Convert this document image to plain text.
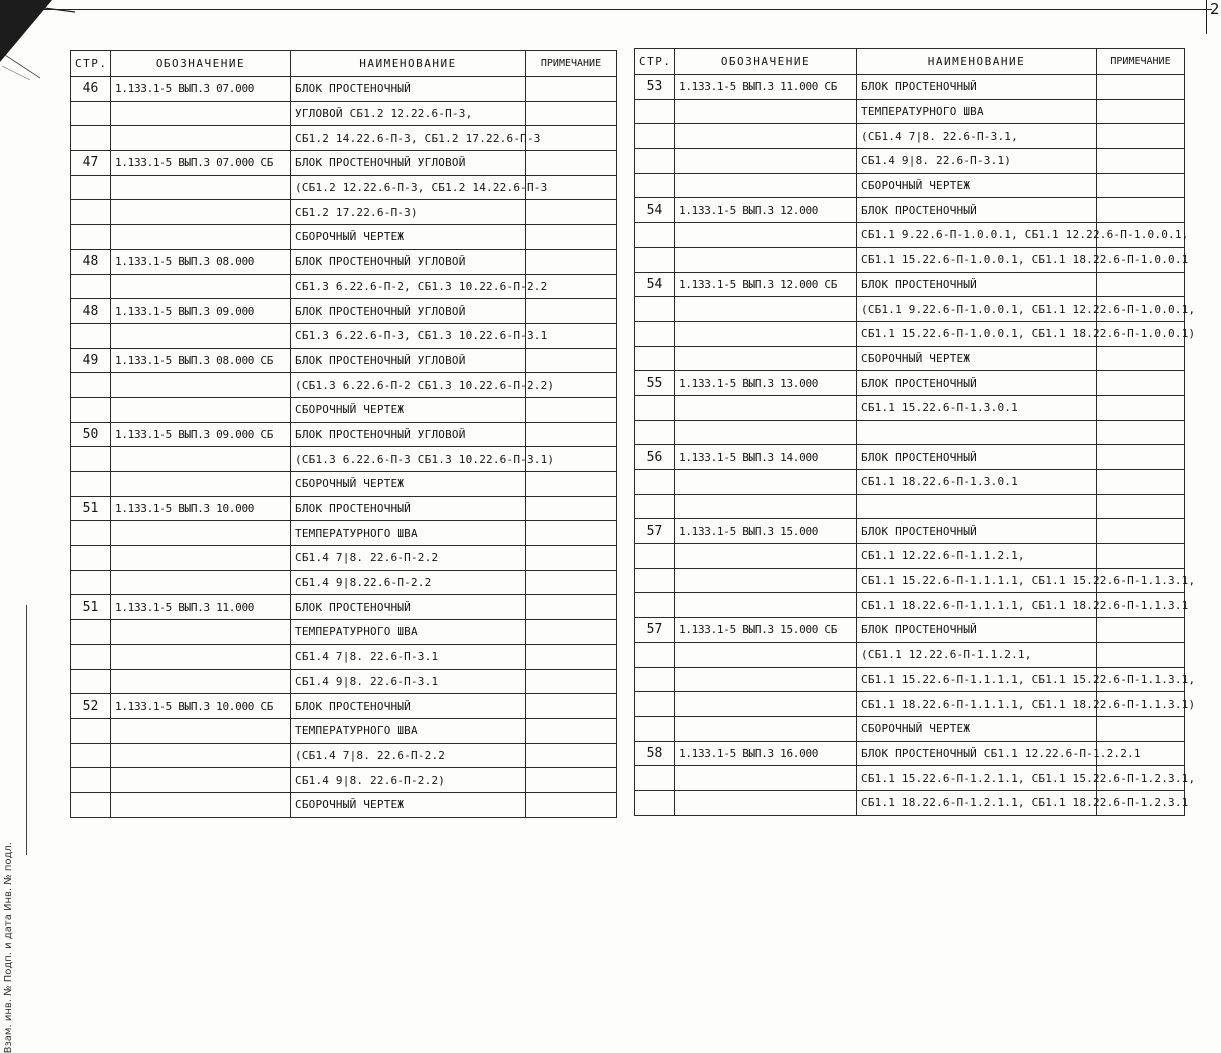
2
Взам. инв. № Подп. и дата Инв. № подл.
СТР.	ОБОЗНАЧЕНИЕ	НАИМЕНОВАНИЕ	ПРИМЕЧАНИЕ
46	1.133.1-5 ВЫП.3 07.000	БЛОК ПРОСТЕНОЧНЫЙ	
		УГЛОВОЙ СБ1.2 12.22.6-П-3,	
		СБ1.2 14.22.6-П-3, СБ1.2 17.22.6-П-3	
47	1.133.1-5 ВЫП.3 07.000 СБ	БЛОК ПРОСТЕНОЧНЫЙ УГЛОВОЙ	
		(СБ1.2 12.22.6-П-3, СБ1.2 14.22.6-П-3	
		СБ1.2 17.22.6-П-3)	
		СБОРОЧНЫЙ ЧЕРТЕЖ	
48	1.133.1-5 ВЫП.3 08.000	БЛОК ПРОСТЕНОЧНЫЙ УГЛОВОЙ	
		СБ1.3 6.22.6-П-2, СБ1.3 10.22.6-П-2.2	
48	1.133.1-5 ВЫП.3 09.000	БЛОК ПРОСТЕНОЧНЫЙ УГЛОВОЙ	
		СБ1.3 6.22.6-П-3, СБ1.3 10.22.6-П-3.1	
49	1.133.1-5 ВЫП.3 08.000 СБ	БЛОК ПРОСТЕНОЧНЫЙ УГЛОВОЙ	
		(СБ1.3 6.22.6-П-2 СБ1.3 10.22.6-П-2.2)	
		СБОРОЧНЫЙ ЧЕРТЕЖ	
50	1.133.1-5 ВЫП.3 09.000 СБ	БЛОК ПРОСТЕНОЧНЫЙ УГЛОВОЙ	
		(СБ1.3 6.22.6-П-3 СБ1.3 10.22.6-П-3.1)	
		СБОРОЧНЫЙ ЧЕРТЕЖ	
51	1.133.1-5 ВЫП.3 10.000	БЛОК ПРОСТЕНОЧНЫЙ	
		ТЕМПЕРАТУРНОГО ШВА	
		СБ1.4 7|8. 22.6-П-2.2	
		СБ1.4 9|8.22.6-П-2.2	
51	1.133.1-5 ВЫП.3 11.000	БЛОК ПРОСТЕНОЧНЫЙ	
		ТЕМПЕРАТУРНОГО ШВА	
		СБ1.4 7|8. 22.6-П-3.1	
		СБ1.4 9|8. 22.6-П-3.1	
52	1.133.1-5 ВЫП.3 10.000 СБ	БЛОК ПРОСТЕНОЧНЫЙ	
		ТЕМПЕРАТУРНОГО ШВА	
		(СБ1.4 7|8. 22.6-П-2.2	
		СБ1.4 9|8. 22.6-П-2.2)	
		СБОРОЧНЫЙ ЧЕРТЕЖ	
СТР.	ОБОЗНАЧЕНИЕ	НАИМЕНОВАНИЕ	ПРИМЕЧАНИЕ
53	1.133.1-5 ВЫП.3 11.000 СБ	БЛОК ПРОСТЕНОЧНЫЙ	
		ТЕМПЕРАТУРНОГО ШВА	
		(СБ1.4 7|8. 22.6-П-3.1,	
		СБ1.4 9|8. 22.6-П-3.1)	
		СБОРОЧНЫЙ ЧЕРТЕЖ	
54	1.133.1-5 ВЫП.3 12.000	БЛОК ПРОСТЕНОЧНЫЙ	
		СБ1.1 9.22.6-П-1.0.0.1, СБ1.1 12.22.6-П-1.0.0.1,	
		СБ1.1 15.22.6-П-1.0.0.1, СБ1.1 18.22.6-П-1.0.0.1	
54	1.133.1-5 ВЫП.3 12.000 СБ	БЛОК ПРОСТЕНОЧНЫЙ	
		(СБ1.1 9.22.6-П-1.0.0.1, СБ1.1 12.22.6-П-1.0.0.1,	
		СБ1.1 15.22.6-П-1.0.0.1, СБ1.1 18.22.6-П-1.0.0.1)	
		СБОРОЧНЫЙ ЧЕРТЕЖ	
55	1.133.1-5 ВЫП.3 13.000	БЛОК ПРОСТЕНОЧНЫЙ	
		СБ1.1 15.22.6-П-1.3.0.1	

56	1.133.1-5 ВЫП.3 14.000	БЛОК ПРОСТЕНОЧНЫЙ	
		СБ1.1 18.22.6-П-1.3.0.1	

57	1.133.1-5 ВЫП.3 15.000	БЛОК ПРОСТЕНОЧНЫЙ	
		СБ1.1 12.22.6-П-1.1.2.1,	
		СБ1.1 15.22.6-П-1.1.1.1, СБ1.1 15.22.6-П-1.1.3.1,	
		СБ1.1 18.22.6-П-1.1.1.1, СБ1.1 18.22.6-П-1.1.3.1	
57	1.133.1-5 ВЫП.3 15.000 СБ	БЛОК ПРОСТЕНОЧНЫЙ	
		(СБ1.1 12.22.6-П-1.1.2.1,	
		СБ1.1 15.22.6-П-1.1.1.1, СБ1.1 15.22.6-П-1.1.3.1,	
		СБ1.1 18.22.6-П-1.1.1.1, СБ1.1 18.22.6-П-1.1.3.1)	
		СБОРОЧНЫЙ ЧЕРТЕЖ	
58	1.133.1-5 ВЫП.3 16.000	БЛОК ПРОСТЕНОЧНЫЙ СБ1.1 12.22.6-П-1.2.2.1	
		СБ1.1 15.22.6-П-1.2.1.1, СБ1.1 15.22.6-П-1.2.3.1,	
		СБ1.1 18.22.6-П-1.2.1.1, СБ1.1 18.22.6-П-1.2.3.1	
